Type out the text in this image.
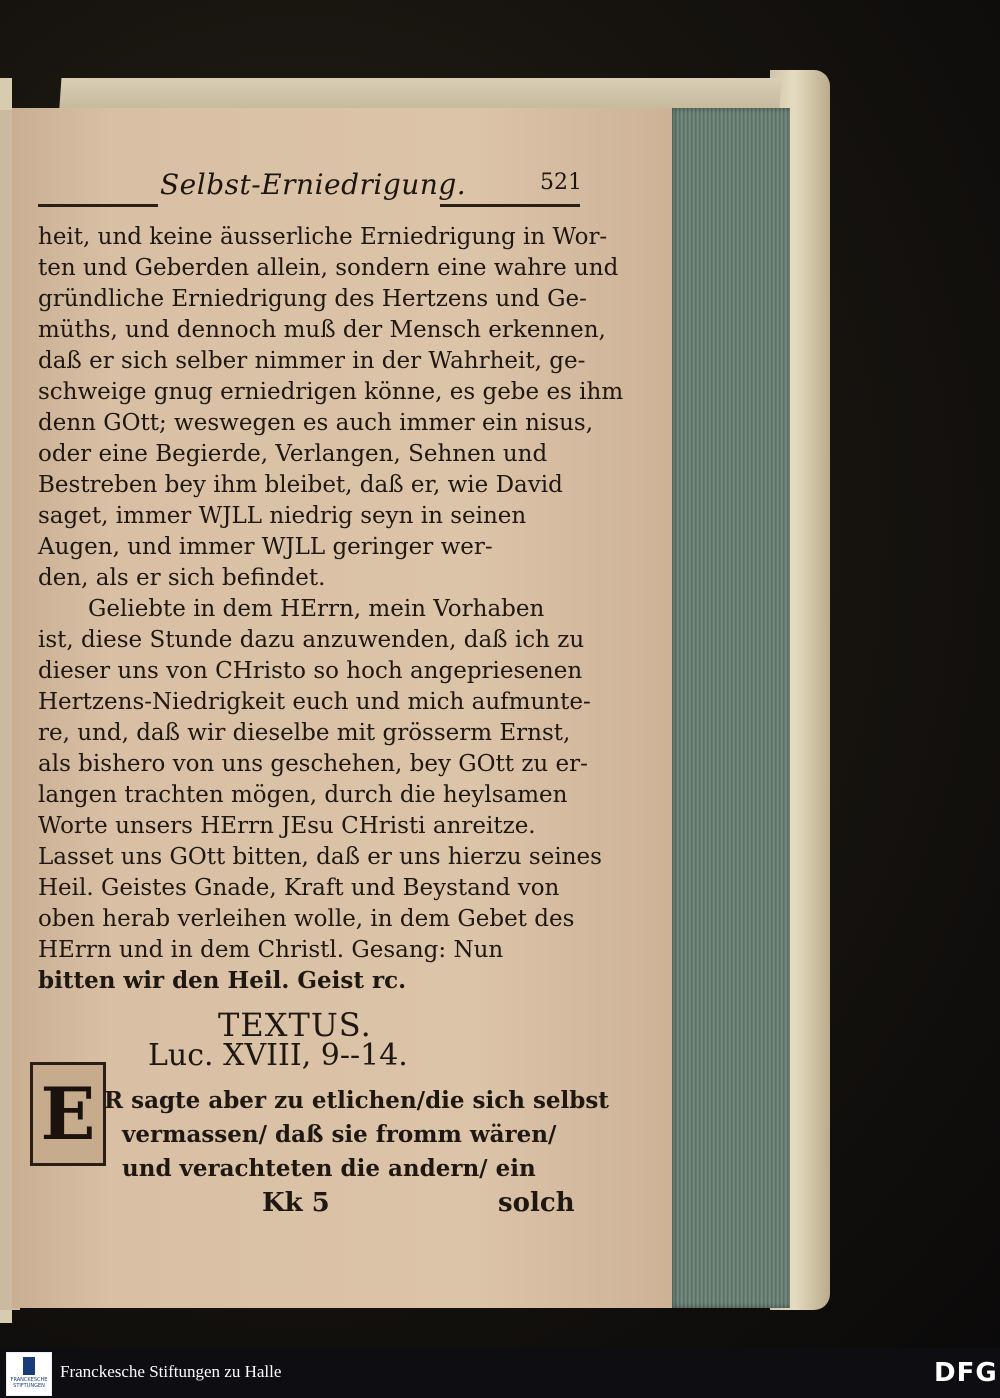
Selbst-Erniedrigung.	521
heit, und keine äusserliche Erniedrigung in Wor-
ten und Geberden allein, sondern eine wahre und
gründliche Erniedrigung des Hertzens und Ge-
müths, und dennoch muß der Mensch erkennen,
daß er sich selber nimmer in der Wahrheit, ge-
schweige gnug erniedrigen könne, es gebe es ihm
denn GOtt; weswegen es auch immer ein nisus,
oder eine Begierde, Verlangen, Sehnen und
Bestreben bey ihm bleibet, daß er, wie David
saget, immer WJLL niedrig seyn in seinen
Augen, und immer WJLL geringer wer-
den, als er sich befindet.
Geliebte in dem HErrn, mein Vorhaben
ist, diese Stunde dazu anzuwenden, daß ich zu
dieser uns von CHristo so hoch angepriesenen
Hertzens-Niedrigkeit euch und mich aufmunte-
re, und, daß wir dieselbe mit grösserm Ernst,
als bishero von uns geschehen, bey GOtt zu er-
langen trachten mögen, durch die heylsamen
Worte unsers HErrn JEsu CHristi anreitze.
Lasset uns GOtt bitten, daß er uns hierzu seines
Heil. Geistes Gnade, Kraft und Beystand von
oben herab verleihen wolle, in dem Gebet des
HErrn und in dem Christl. Gesang: Nun
bitten wir den Heil. Geist rc.
TEXTUS.
Luc. XVIII, 9--14.
E R sagte aber zu etlichen/die sich selbst
vermassen/ daß sie fromm wären/
und verachteten die andern/ ein
Kk 5	solch
FRANCKESCHE STIFTUNGEN
Franckesche Stiftungen zu Halle	DFG
